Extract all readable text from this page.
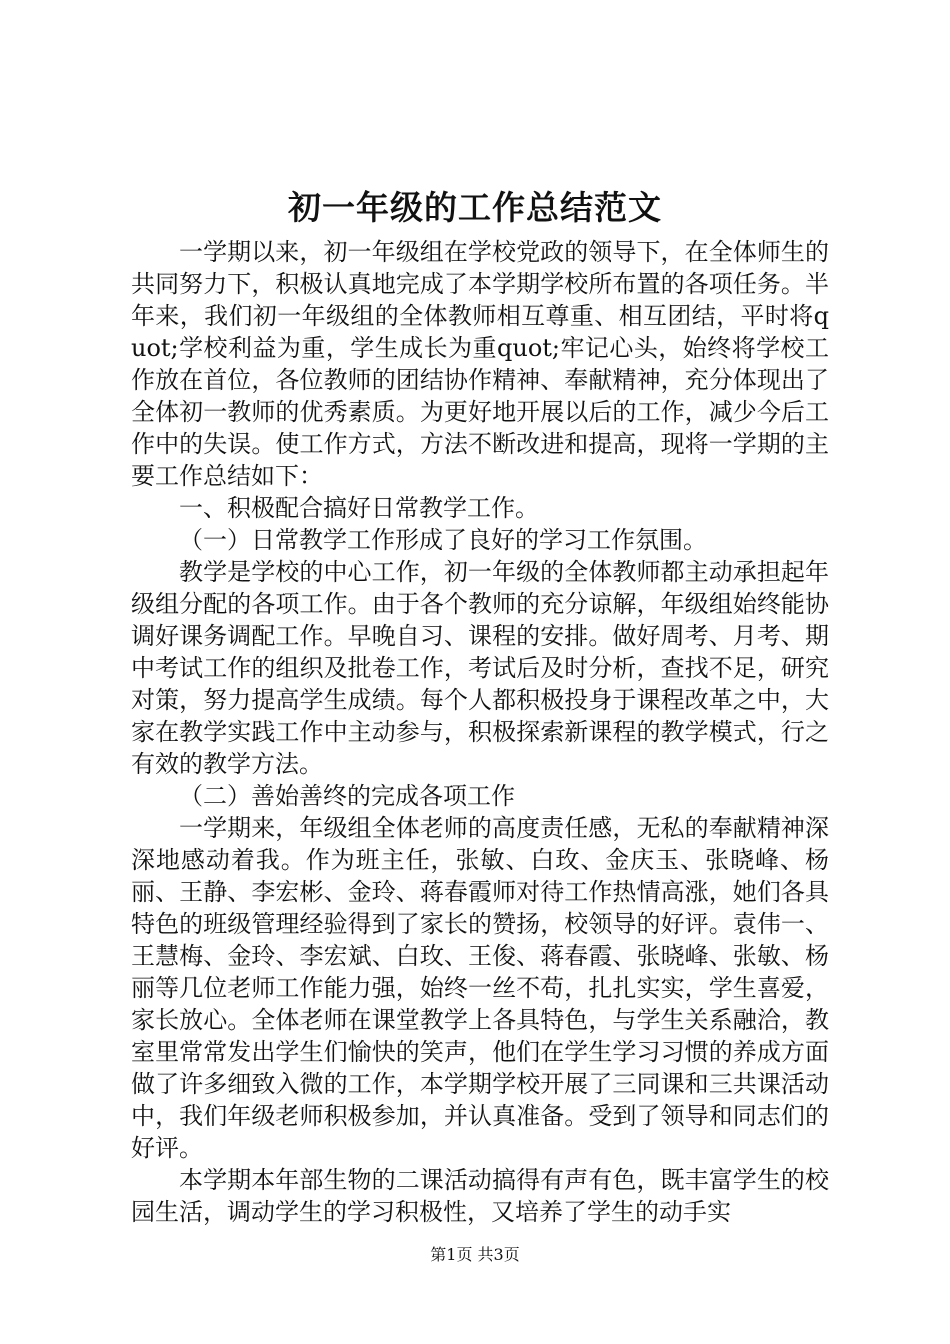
初一年级的工作总结范文

一学期以来，初一年级组在学校党政的领导下，在全体师生的共同努力下，积极认真地完成了本学期学校所布置的各项任务。半年来，我们初一年级组的全体教师相互尊重、相互团结，平时将quot;学校利益为重，学生成长为重quot;牢记心头，始终将学校工作放在首位，各位教师的团结协作精神、奉献精神，充分体现出了全体初一教师的优秀素质。为更好地开展以后的工作，减少今后工作中的失误。使工作方式，方法不断改进和提高，现将一学期的主要工作总结如下：

一、积极配合搞好日常教学工作。

（一）日常教学工作形成了良好的学习工作氛围。

教学是学校的中心工作，初一年级的全体教师都主动承担起年级组分配的各项工作。由于各个教师的充分谅解，年级组始终能协调好课务调配工作。早晚自习、课程的安排。做好周考、月考、期中考试工作的组织及批卷工作，考试后及时分析，查找不足，研究对策，努力提高学生成绩。每个人都积极投身于课程改革之中，大家在教学实践工作中主动参与，积极探索新课程的教学模式，行之有效的教学方法。

（二）善始善终的完成各项工作

一学期来，年级组全体老师的高度责任感，无私的奉献精神深深地感动着我。作为班主任，张敏、白玫、金庆玉、张晓峰、杨丽、王静、李宏彬、金玲、蒋春霞师对待工作热情高涨，她们各具特色的班级管理经验得到了家长的赞扬，校领导的好评。袁伟一、王慧梅、金玲、李宏斌、白玫、王俊、蒋春霞、张晓峰、张敏、杨丽等几位老师工作能力强，始终一丝不苟，扎扎实实，学生喜爱，家长放心。全体老师在课堂教学上各具特色，与学生关系融洽，教室里常常发出学生们愉快的笑声，他们在学生学习习惯的养成方面做了许多细致入微的工作，本学期学校开展了三同课和三共课活动中，我们年级老师积极参加，并认真准备。受到了领导和同志们的好评。

本学期本年部生物的二课活动搞得有声有色，既丰富学生的校园生活，调动学生的学习积极性，又培养了学生的动手实

第1页 共3页
